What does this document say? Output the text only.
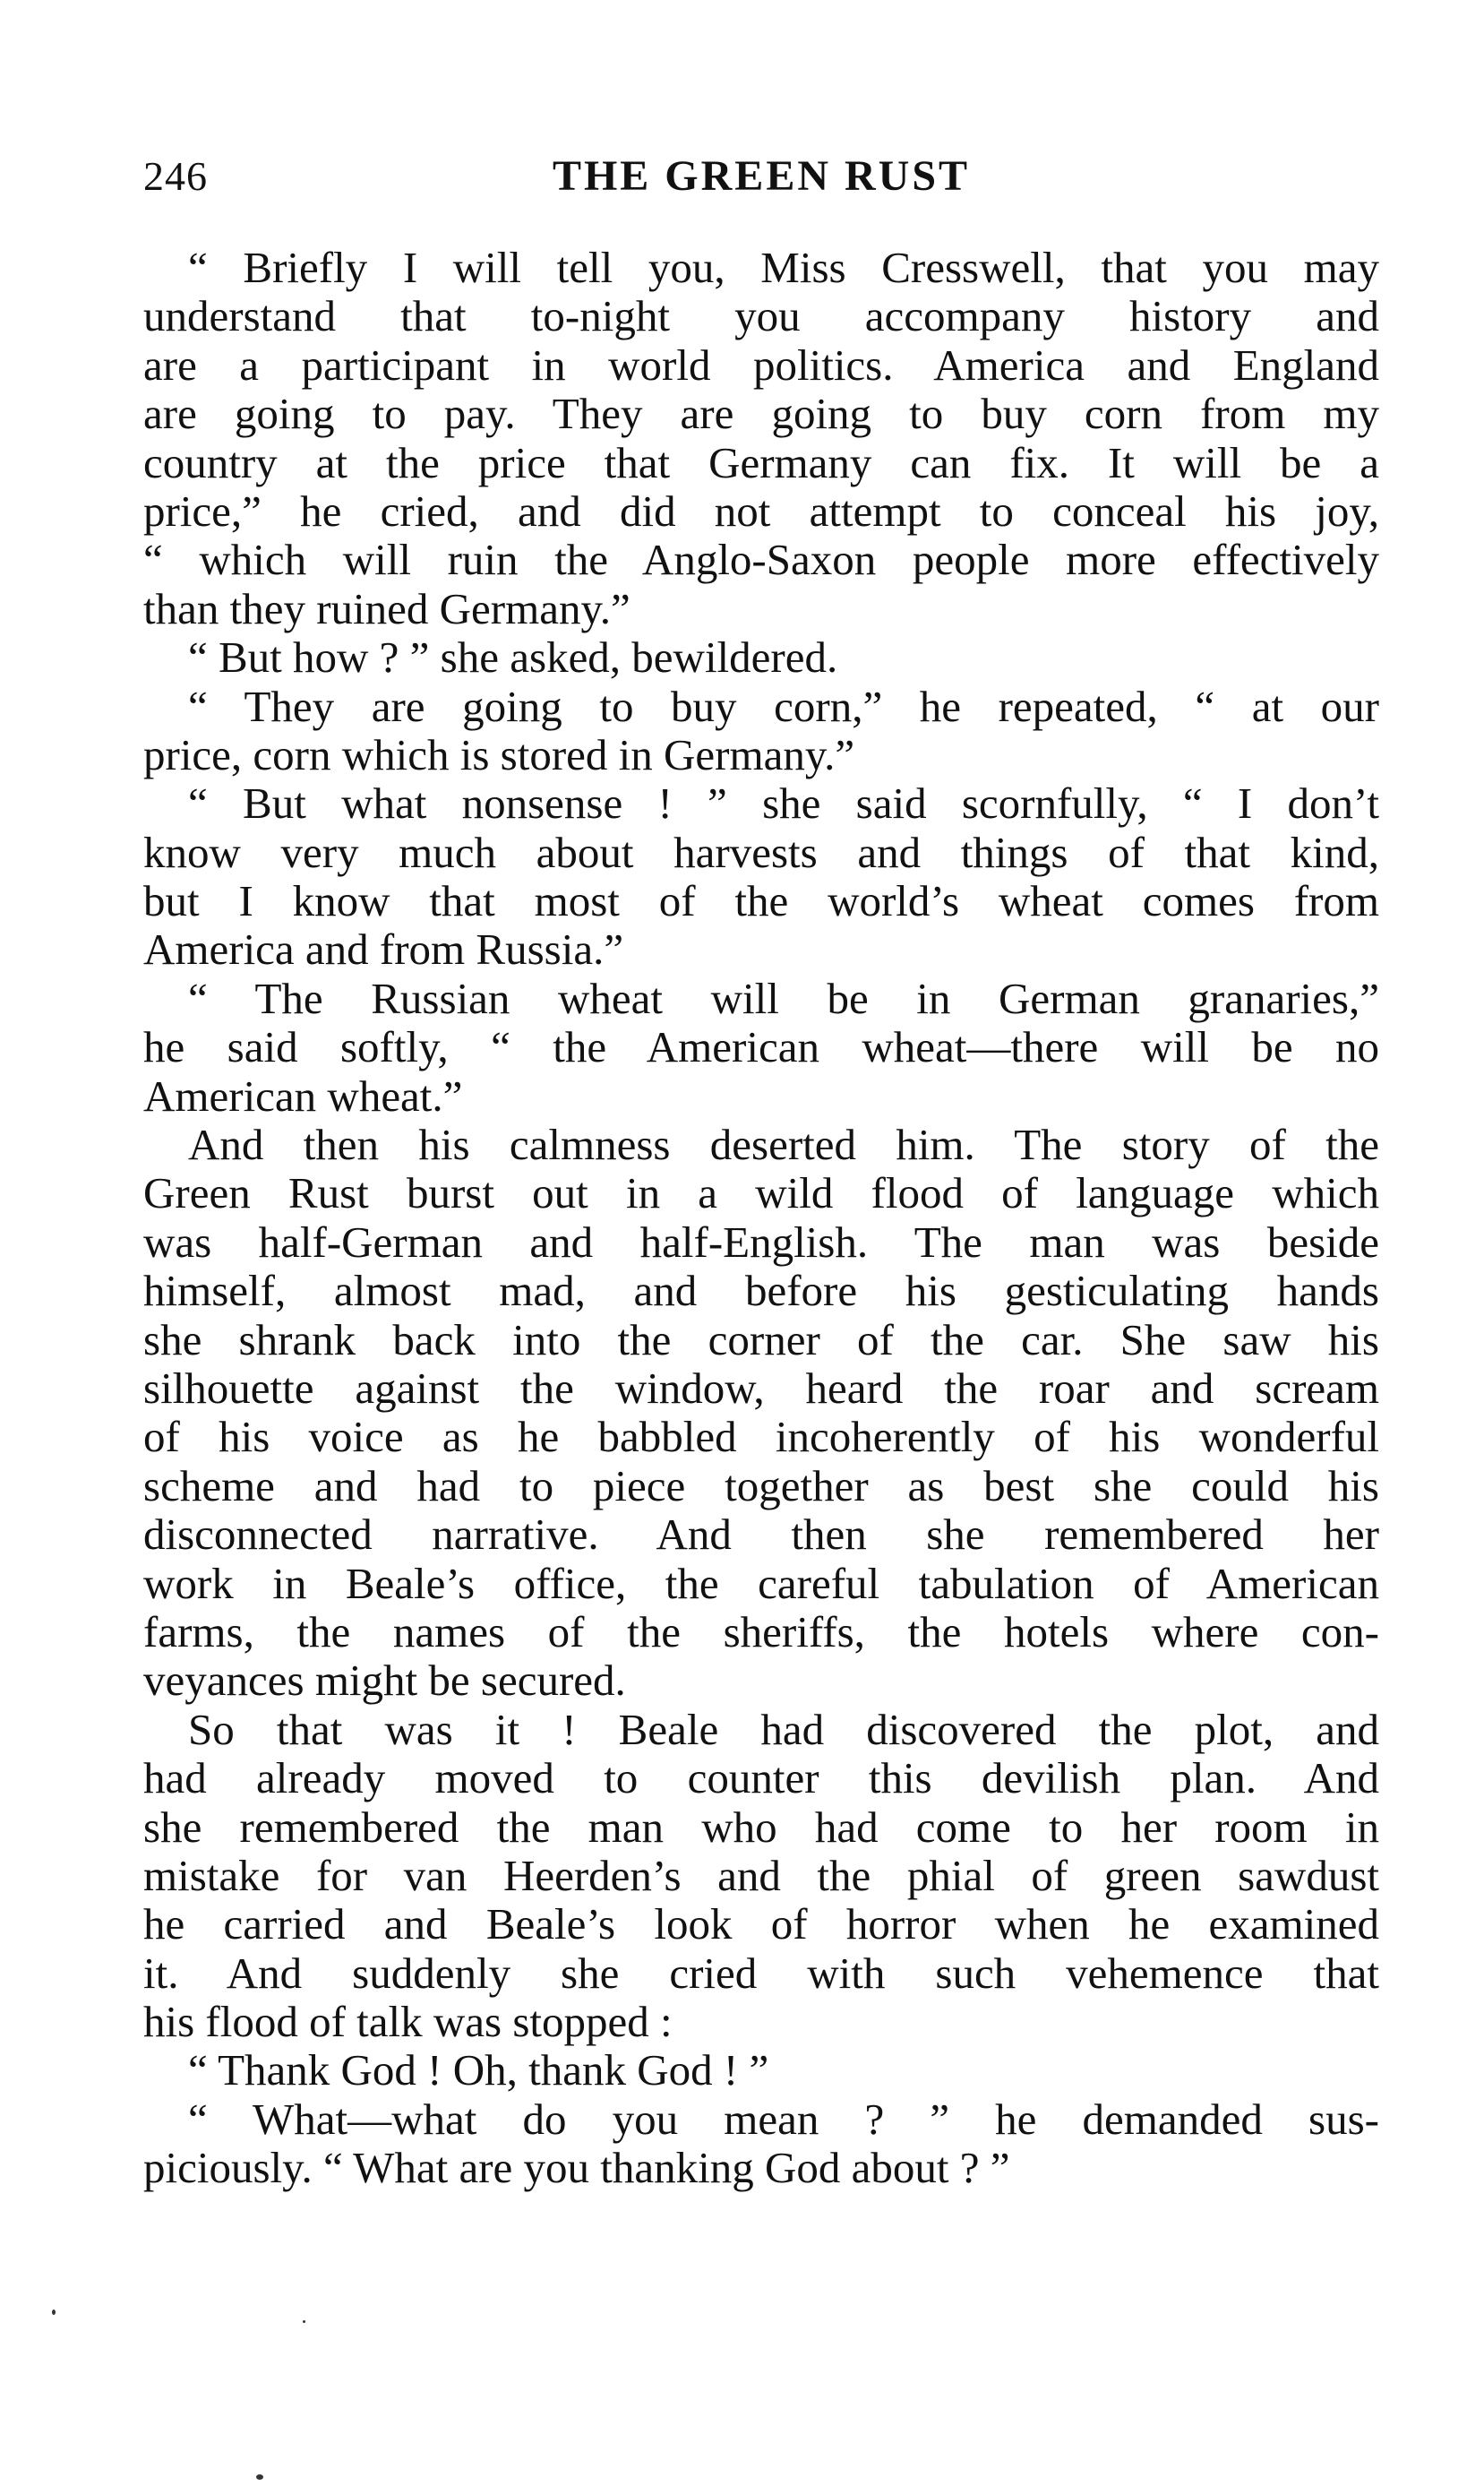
246	THE GREEN RUST
“ Briefly I will tell you, Miss Cresswell, that you may
understand that to-night you accompany history and
are a participant in world politics. America and England
are going to pay. They are going to buy corn from my
country at the price that Germany can fix. It will be a
price,” he cried, and did not attempt to conceal his joy,
“ which will ruin the Anglo-Saxon people more effectively
than they ruined Germany.”
“ But how ? ” she asked, bewildered.
“ They are going to buy corn,” he repeated, “ at our
price, corn which is stored in Germany.”
“ But what nonsense ! ” she said scornfully, “ I don’t
know very much about harvests and things of that kind,
but I know that most of the world’s wheat comes from
America and from Russia.”
“ The Russian wheat will be in German granaries,”
he said softly, “ the American wheat—there will be no
American wheat.”
And then his calmness deserted him. The story of the
Green Rust burst out in a wild flood of language which
was half-German and half-English. The man was beside
himself, almost mad, and before his gesticulating hands
she shrank back into the corner of the car. She saw his
silhouette against the window, heard the roar and scream
of his voice as he babbled incoherently of his wonderful
scheme and had to piece together as best she could his
disconnected narrative. And then she remembered her
work in Beale’s office, the careful tabulation of American
farms, the names of the sheriffs, the hotels where con-
veyances might be secured.
So that was it ! Beale had discovered the plot, and
had already moved to counter this devilish plan. And
she remembered the man who had come to her room in
mistake for van Heerden’s and the phial of green sawdust
he carried and Beale’s look of horror when he examined
it. And suddenly she cried with such vehemence that
his flood of talk was stopped :
“ Thank God ! Oh, thank God ! ”
“ What—what do you mean ? ” he demanded sus-
piciously. “ What are you thanking God about ? ”
